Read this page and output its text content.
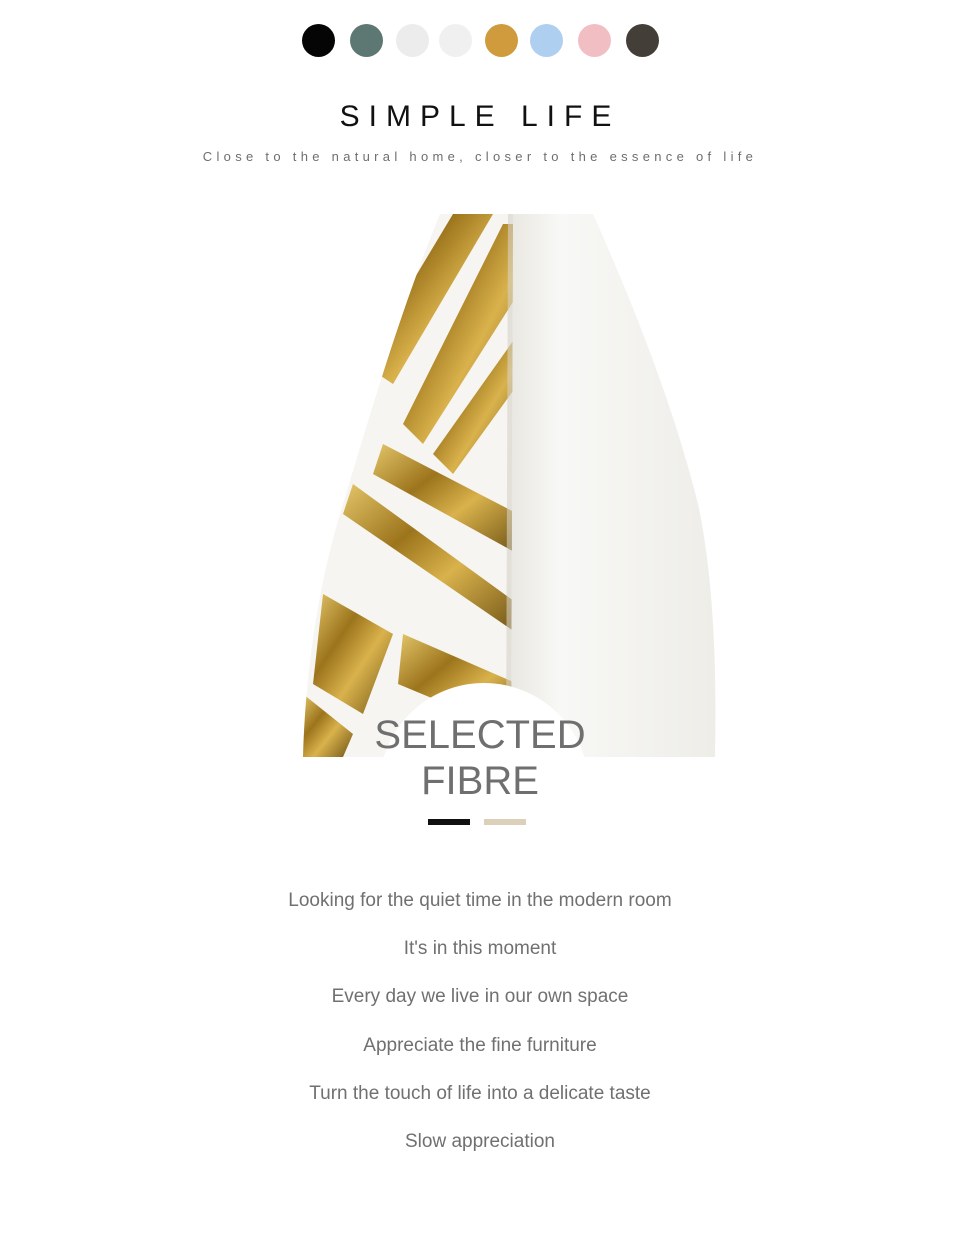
SIMPLE LIFE
Close to the natural home, closer to the essence of life
SELECTED
FIBRE
Looking for the quiet time in the modern room
It's in this moment
Every day we live in our own space
Appreciate the fine furniture
Turn the touch of life into a delicate taste
Slow appreciation
